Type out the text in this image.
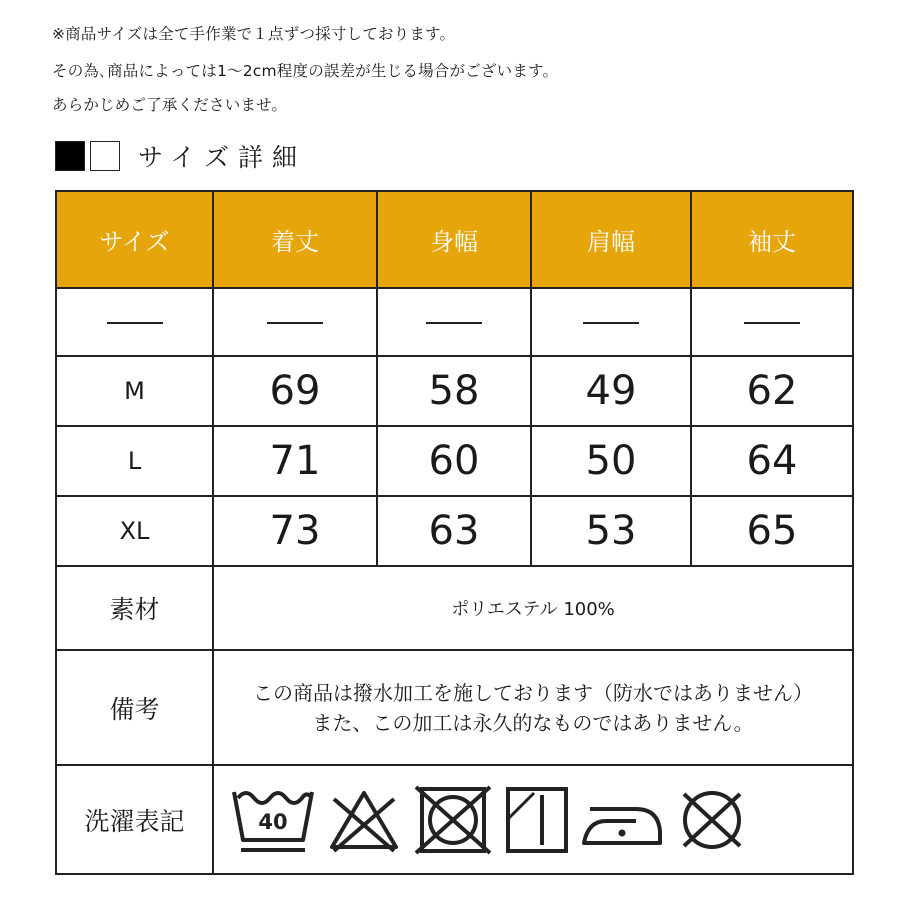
※商品サイズは全て手作業で１点ずつ採寸しております。
その為､商品によっては1～2cm程度の誤差が生じる場合がございます。
あらかじめご了承くださいませ。
サイズ詳細
サイズ	着丈	身幅	肩幅	袖丈

M	69	58	49	62
L	71	60	50	64
XL	73	63	53	65
素材	ポリエステル 100%			
備考	この商品は撥水加工を施しております（防水ではありません）
また、この加工は永久的なものではありません。			

洗濯表記	40			
